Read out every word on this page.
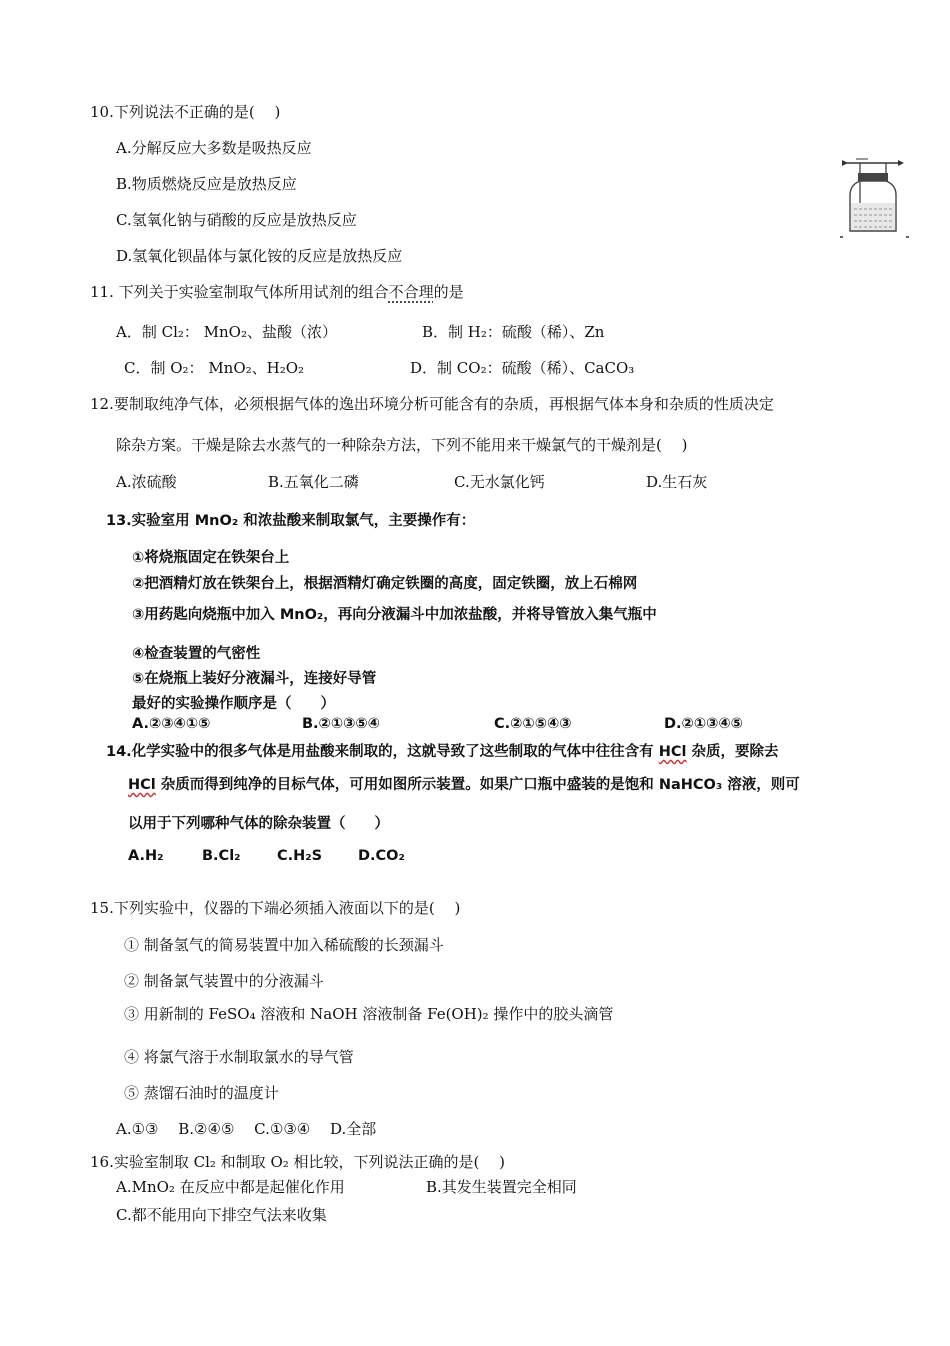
10.下列说法不正确的是(　 )
A.分解反应大多数是吸热反应
B.物质燃烧反应是放热反应
C.氢氧化钠与硝酸的反应是放热反应
D.氢氧化钡晶体与氯化铵的反应是放热反应
11. 下列关于实验室制取气体所用试剂的组合不合理的是
A．制 Cl₂： MnO₂、盐酸（浓）	B．制 H₂：硫酸（稀）、Zn
C．制 O₂： MnO₂、H₂O₂	D．制 CO₂：硫酸（稀）、CaCO₃
12.要制取纯净气体，必须根据气体的逸出环境分析可能含有的杂质，再根据气体本身和杂质的性质决定
除杂方案。干燥是除去水蒸气的一种除杂方法，下列不能用来干燥氯气的干燥剂是(　 )
A.浓硫酸	B.五氧化二磷	C.无水氯化钙	D.生石灰
13.实验室用 MnO₂ 和浓盐酸来制取氯气，主要操作有：
①将烧瓶固定在铁架台上
②把酒精灯放在铁架台上，根据酒精灯确定铁圈的高度，固定铁圈，放上石棉网
③用药匙向烧瓶中加入 MnO₂，再向分液漏斗中加浓盐酸，并将导管放入集气瓶中
④检查装置的气密性
⑤在烧瓶上装好分液漏斗，连接好导管
最好的实验操作顺序是（　　）
A.②③④①⑤	B.②①③⑤④	C.②①⑤④③	D.②①③④⑤
14.化学实验中的很多气体是用盐酸来制取的，这就导致了这些制取的气体中往往含有 HCl 杂质，要除去
HCl 杂质而得到纯净的目标气体，可用如图所示装置。如果广口瓶中盛装的是饱和 NaHCO₃ 溶液，则可
以用于下列哪种气体的除杂装置（　　）
A.H₂	B.Cl₂	C.H₂S D.CO₂
15.下列实验中，仪器的下端必须插入液面以下的是(　 )
① 制备氢气的简易装置中加入稀硫酸的长颈漏斗
② 制备氯气装置中的分液漏斗
③ 用新制的 FeSO₄ 溶液和 NaOH 溶液制备 Fe(OH)₂ 操作中的胶头滴管
④ 将氯气溶于水制取氯水的导气管
⑤ 蒸馏石油时的温度计
A.①③　 B.②④⑤　 C.①③④　 D.全部
16.实验室制取 Cl₂ 和制取 O₂ 相比较，下列说法正确的是(　 )
A.MnO₂ 在反应中都是起催化作用	B.其发生装置完全相同
C.都不能用向下排空气法来收集
